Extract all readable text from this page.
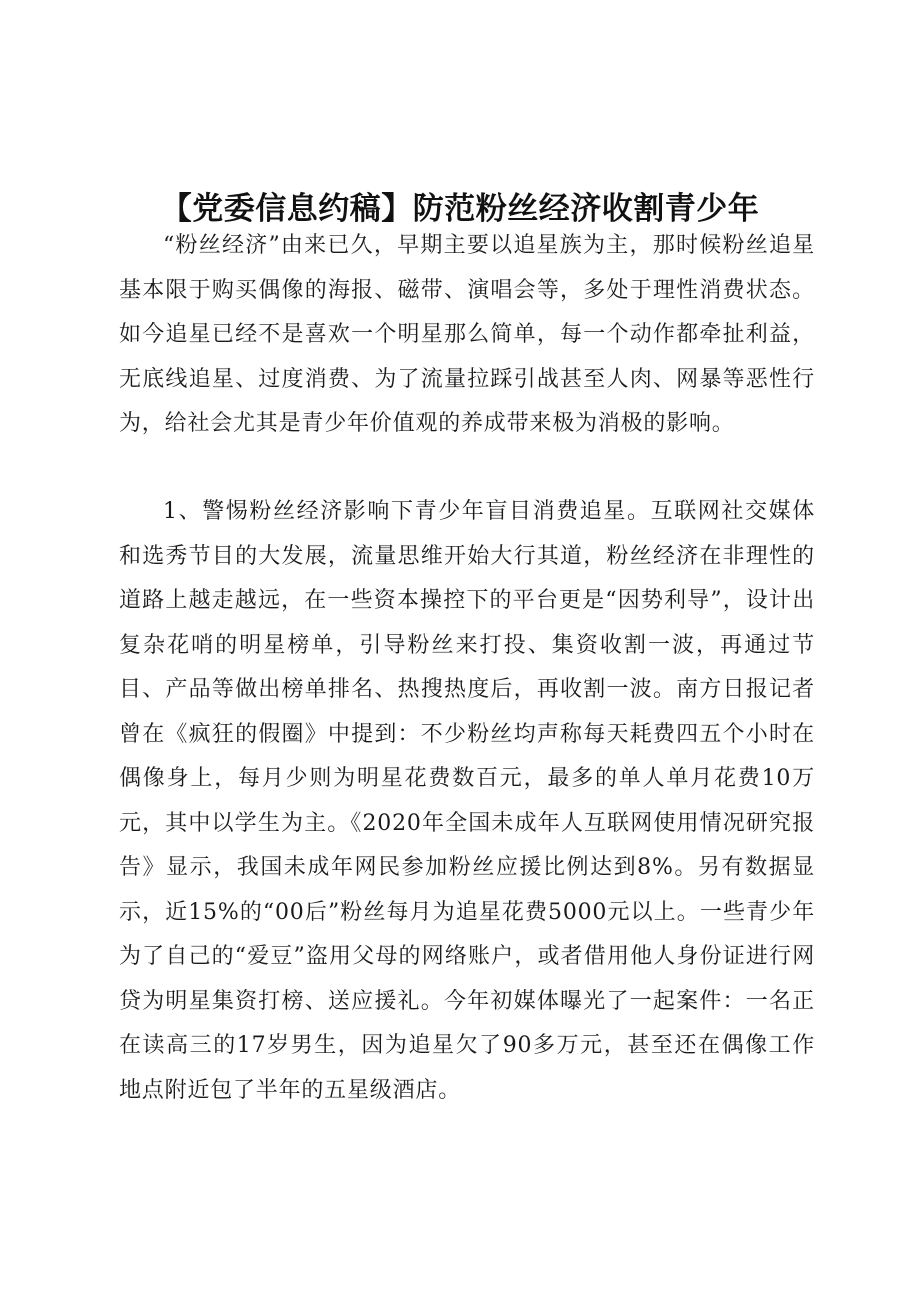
【党委信息约稿】防范粉丝经济收割青少年

“粉丝经济”由来已久，早期主要以追星族为主，那时候粉丝追星基本限于购买偶像的海报、磁带、演唱会等，多处于理性消费状态。如今追星已经不是喜欢一个明星那么简单，每一个动作都牵扯利益，无底线追星、过度消费、为了流量拉踩引战甚至人肉、网暴等恶性行为，给社会尤其是青少年价值观的养成带来极为消极的影响。

1、警惕粉丝经济影响下青少年盲目消费追星。互联网社交媒体和选秀节目的大发展，流量思维开始大行其道，粉丝经济在非理性的道路上越走越远，在一些资本操控下的平台更是“因势利导”，设计出复杂花哨的明星榜单，引导粉丝来打投、集资收割一波，再通过节目、产品等做出榜单排名、热搜热度后，再收割一波。南方日报记者曾在《疯狂的假圈》中提到：不少粉丝均声称每天耗费四五个小时在偶像身上，每月少则为明星花费数百元，最多的单人单月花费10万元，其中以学生为主。《2020年全国未成年人互联网使用情况研究报告》显示，我国未成年网民参加粉丝应援比例达到8%。另有数据显示，近15%的“00后”粉丝每月为追星花费5000元以上。一些青少年为了自己的“爱豆”盗用父母的网络账户，或者借用他人身份证进行网贷为明星集资打榜、送应援礼。今年初媒体曝光了一起案件：一名正在读高三的17岁男生，因为追星欠了90多万元，甚至还在偶像工作地点附近包了半年的五星级酒店。
